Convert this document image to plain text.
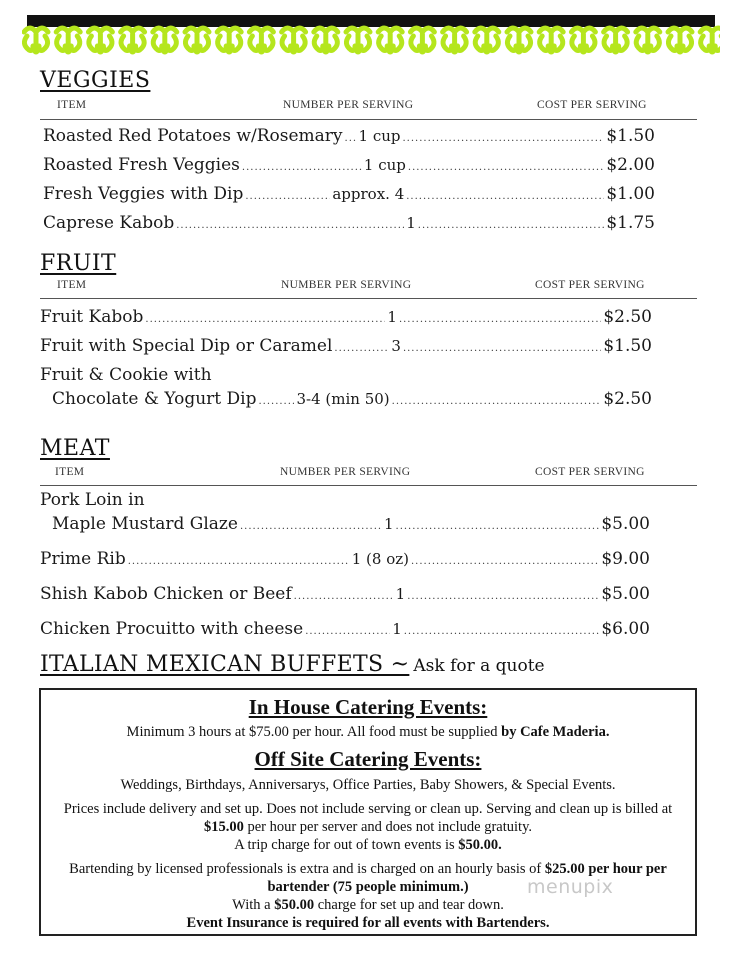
VEGGIES
ITEM	NUMBER PER SERVING	COST PER SERVING
Roasted Red Potatoes w/Rosemary ..... 1 cup .....	$1.50
Roasted Fresh Veggies .....	1 cup .....	$2.00
Fresh Veggies with Dip .....	approx. 4 .....	$1.00
Caprese Kabob .....	1 .....	$1.75
FRUIT
ITEM	NUMBER PER SERVING	COST PER SERVING
Fruit Kabob .....	1 .....	$2.50
Fruit with Special Dip or Caramel .....	3 .....	$1.50
Fruit & Cookie with
Chocolate & Yogurt Dip .....	3-4 (min 50) .....	$2.50
MEAT
ITEM	NUMBER PER SERVING	COST PER SERVING
Pork Loin in
Maple Mustard Glaze .....	1 .....	$5.00
Prime Rib .....	1 (8 oz) .....	$9.00
Shish Kabob Chicken or Beef .....	1 .....	$5.00
Chicken Procuitto with cheese .....	1 .....	$6.00
ITALIAN MEXICAN BUFFETS ~ Ask for a quote
In House Catering Events:

Minimum 3 hours at $75.00 per hour. All food must be supplied by Cafe Maderia.

Off Site Catering Events:

Weddings, Birthdays, Anniversarys, Office Parties, Baby Showers, & Special Events.

Prices include delivery and set up. Does not include serving or clean up. Serving and clean up is billed at $15.00 per hour per server and does not include gratuity.

A trip charge for out of town events is $50.00.

Bartending by licensed professionals is extra and is charged on an hourly basis of $25.00 per hour per bartender (75 people minimum.)

With a $50.00 charge for set up and tear down.

Event Insurance is required for all events with Bartenders.

menupix
